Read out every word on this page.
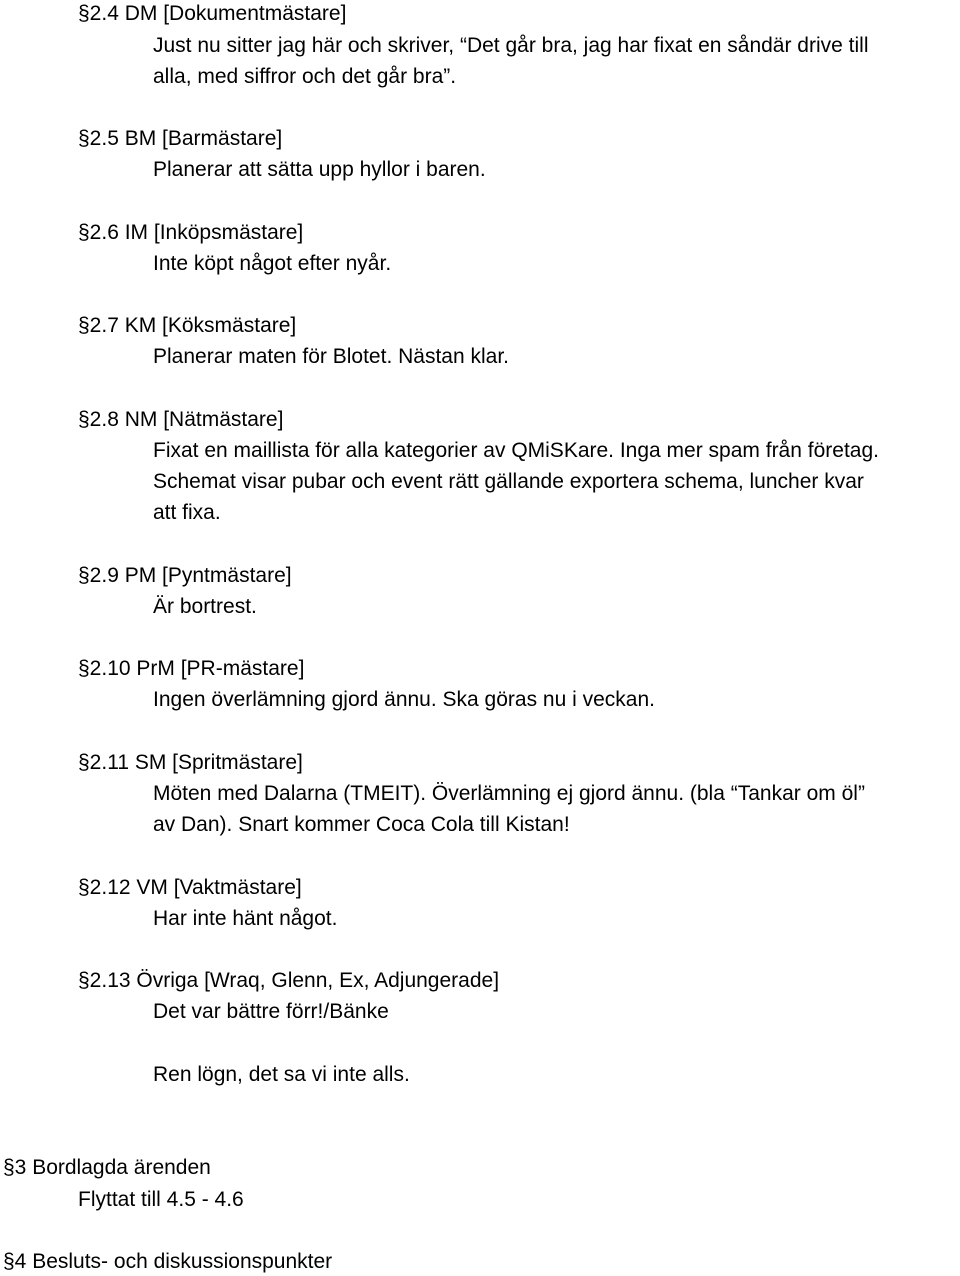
§2.4 DM [Dokumentmästare]
Just nu sitter jag här och skriver, “Det går bra, jag har fixat en såndär drive till
alla, med siffror och det går bra”.
§2.5 BM [Barmästare]
Planerar att sätta upp hyllor i baren.
§2.6 IM [Inköpsmästare]
Inte köpt något efter nyår.
§2.7 KM [Köksmästare]
Planerar maten för Blotet. Nästan klar.
§2.8 NM [Nätmästare]
Fixat en maillista för alla kategorier av QMiSKare. Inga mer spam från företag.
Schemat visar pubar och event rätt gällande exportera schema, luncher kvar
att fixa.
§2.9 PM [Pyntmästare]
Är bortrest.
§2.10 PrM [PR-mästare]
Ingen överlämning gjord ännu. Ska göras nu i veckan.
§2.11 SM [Spritmästare]
Möten med Dalarna (TMEIT). Överlämning ej gjord ännu. (bla “Tankar om öl”
av Dan). Snart kommer Coca Cola till Kistan!
§2.12 VM [Vaktmästare]
Har inte hänt något.
§2.13 Övriga [Wraq, Glenn, Ex, Adjungerade]
Det var bättre förr!/Bänke
Ren lögn, det sa vi inte alls.
§3 Bordlagda ärenden
Flyttat till 4.5 - 4.6
§4 Besluts- och diskussionspunkter
